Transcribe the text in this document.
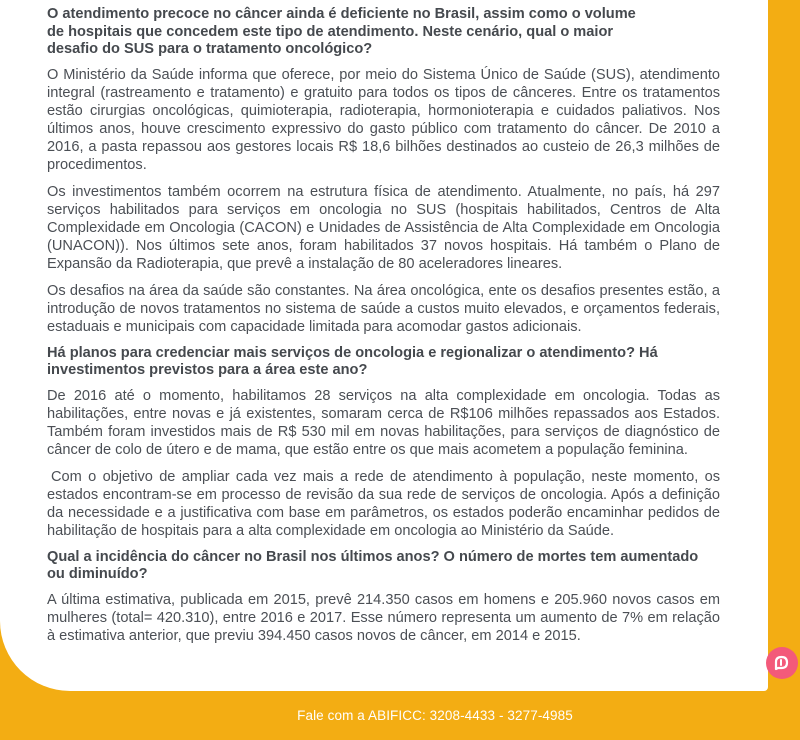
O atendimento precoce no câncer ainda é deficiente no Brasil, assim como o volume de hospitais que concedem este tipo de atendimento. Neste cenário, qual o maior desafio do SUS para o tratamento oncológico?

O Ministério da Saúde informa que oferece, por meio do Sistema Único de Saúde (SUS), atendimento integral (rastreamento e tratamento) e gratuito para todos os tipos de cânceres. Entre os tratamentos estão cirurgias oncológicas, quimioterapia, radioterapia, hormonioterapia e cuidados paliativos. Nos últimos anos, houve crescimento expressivo do gasto público com tratamento do câncer. De 2010 a 2016, a pasta repassou aos gestores locais R$ 18,6 bilhões destinados ao custeio de 26,3 milhões de procedimentos.

Os investimentos também ocorrem na estrutura física de atendimento. Atualmente, no país, há 297 serviços habilitados para serviços em oncologia no SUS (hospitais habilitados, Centros de Alta Complexidade em Oncologia (CACON) e Unidades de Assistência de Alta Complexidade em Oncologia (UNACON)). Nos últimos sete anos, foram habilitados 37 novos hospitais. Há também o Plano de Expansão da Radioterapia, que prevê a instalação de 80 aceleradores lineares.

Os desafios na área da saúde são constantes. Na área oncológica, ente os desafios presentes estão, a introdução de novos tratamentos no sistema de saúde a custos muito elevados, e orçamentos federais, estaduais e municipais com capacidade limitada para acomodar gastos adicionais.

Há planos para credenciar mais serviços de oncologia e regionalizar o atendimento? Há investimentos previstos para a área este ano?

De 2016 até o momento, habilitamos 28 serviços na alta complexidade em oncologia. Todas as habilitações, entre novas e já existentes, somaram cerca de R$106 milhões repassados aos Estados. Também foram investidos mais de R$ 530 mil em novas habilitações, para serviços de diagnóstico de câncer de colo de útero e de mama, que estão entre os que mais acometem a população feminina.

Com o objetivo de ampliar cada vez mais a rede de atendimento à população, neste momento, os estados encontram-se em processo de revisão da sua rede de serviços de oncologia. Após a definição da necessidade e a justificativa com base em parâmetros, os estados poderão encaminhar pedidos de habilitação de hospitais para a alta complexidade em oncologia ao Ministério da Saúde.

Qual a incidência do câncer no Brasil nos últimos anos? O número de mortes tem aumentado ou diminuído?

A última estimativa, publicada em 2015, prevê 214.350 casos em homens e 205.960 novos casos em mulheres (total= 420.310), entre 2016 e 2017. Esse número representa um aumento de 7% em relação à estimativa anterior, que previu 394.450 casos novos de câncer, em 2014 e 2015.

Fale com a ABIFICC: 3208-4433 - 3277-4985
